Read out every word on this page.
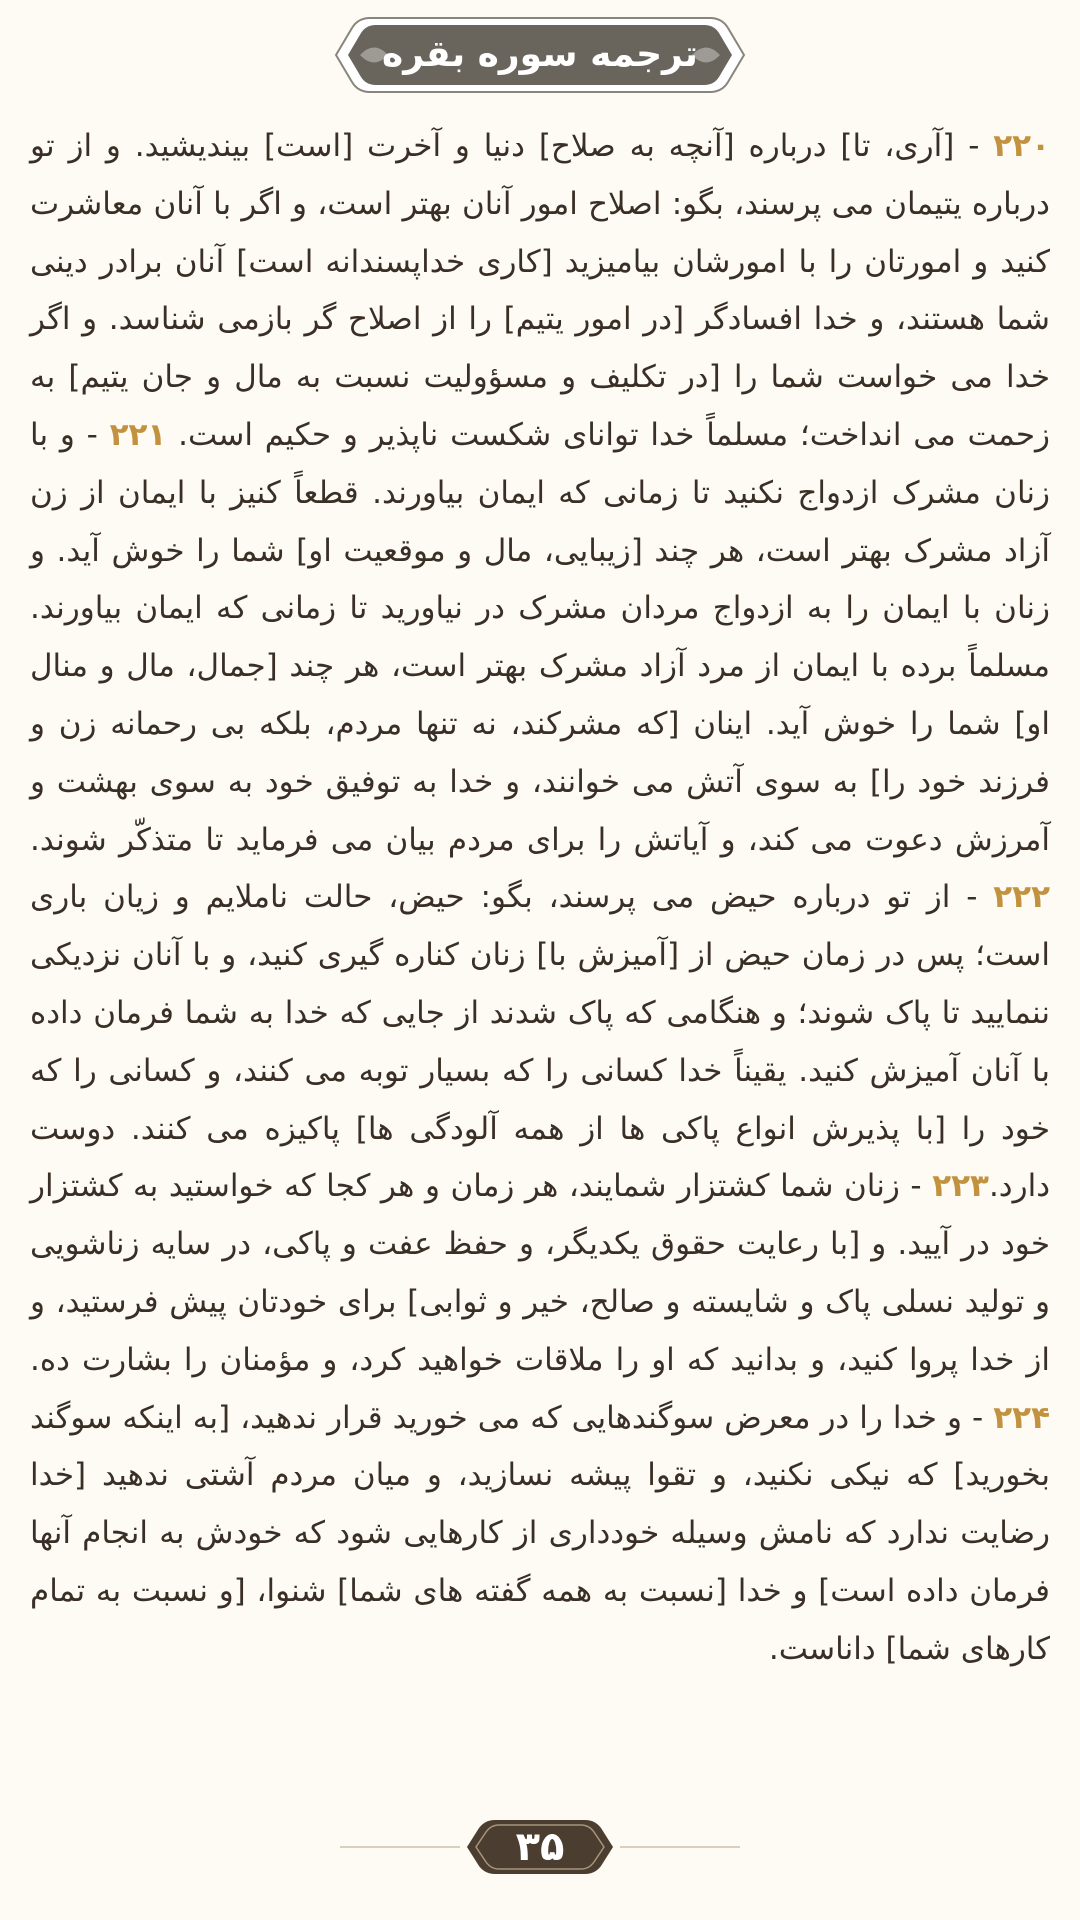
ترجمه سوره بقره
۲۲۰ - [آری، تا] درباره [آنچه به صلاح] دنیا و آخرت [است] بیندیشید. و از تو درباره یتیمان می پرسند، بگو: اصلاح امور آنان بهتر است، و اگر با آنان معاشرت کنید و امورتان را با امورشان بیامیزید [کاری خداپسندانه است] آنان برادر دینی شما هستند، و خدا افسادگر [در امور یتیم] را از اصلاح گر بازمی شناسد. و اگر خدا می خواست شما را [در تکلیف و مسؤولیت نسبت به مال و جان یتیم] به زحمت می انداخت؛ مسلماً خدا توانای شکست ناپذیر و حکیم است. ۲۲۱ - و با زنان مشرک ازدواج نکنید تا زمانی که ایمان بیاورند. قطعاً کنیز با ایمان از زن آزاد مشرک بهتر است، هر چند [زیبایی، مال و موقعیت او] شما را خوش آید. و زنان با ایمان را به ازدواج مردان مشرک در نیاورید تا زمانی که ایمان بیاورند. مسلماً برده با ایمان از مرد آزاد مشرک بهتر است، هر چند [جمال، مال و منال او] شما را خوش آید. اینان [که مشرکند، نه تنها مردم، بلکه بی رحمانه زن و فرزند خود را] به سوی آتش می خوانند، و خدا به توفیق خود به سوی بهشت و آمرزش دعوت می کند، و آیاتش را برای مردم بیان می فرماید تا متذکّر شوند. ۲۲۲ - از تو درباره حیض می پرسند، بگو: حیض، حالت ناملایم و زیان باری است؛ پس در زمان حیض از [آمیزش با] زنان کناره گیری کنید، و با آنان نزدیکی ننمایید تا پاک شوند؛ و هنگامی که پاک شدند از جایی که خدا به شما فرمان داده با آنان آمیزش کنید. یقیناً خدا کسانی را که بسیار توبه می کنند، و کسانی را که خود را [با پذیرش انواع پاکی ها از همه آلودگی ها] پاکیزه می کنند. دوست دارد.۲۲۳ - زنان شما کشتزار شمایند، هر زمان و هر کجا که خواستید به کشتزار خود در آیید. و [با رعایت حقوق یکدیگر، و حفظ عفت و پاکی، در سایه زناشویی و تولید نسلی پاک و شایسته و صالح، خیر و ثوابی] برای خودتان پیش فرستید، و از خدا پروا کنید، و بدانید که او را ملاقات خواهید کرد، و مؤمنان را بشارت ده. ۲۲۴ - و خدا را در معرض سوگندهایی که می خورید قرار ندهید، [به اینکه سوگند بخورید] که نیکی نکنید، و تقوا پیشه نسازید، و میان مردم آشتی ندهید [خدا رضایت ندارد که نامش وسیله خودداری از کارهایی شود که خودش به انجام آنها فرمان داده است] و خدا [نسبت به همه گفته های شما] شنوا، [و نسبت به تمام کارهای شما] داناست.
۳۵
